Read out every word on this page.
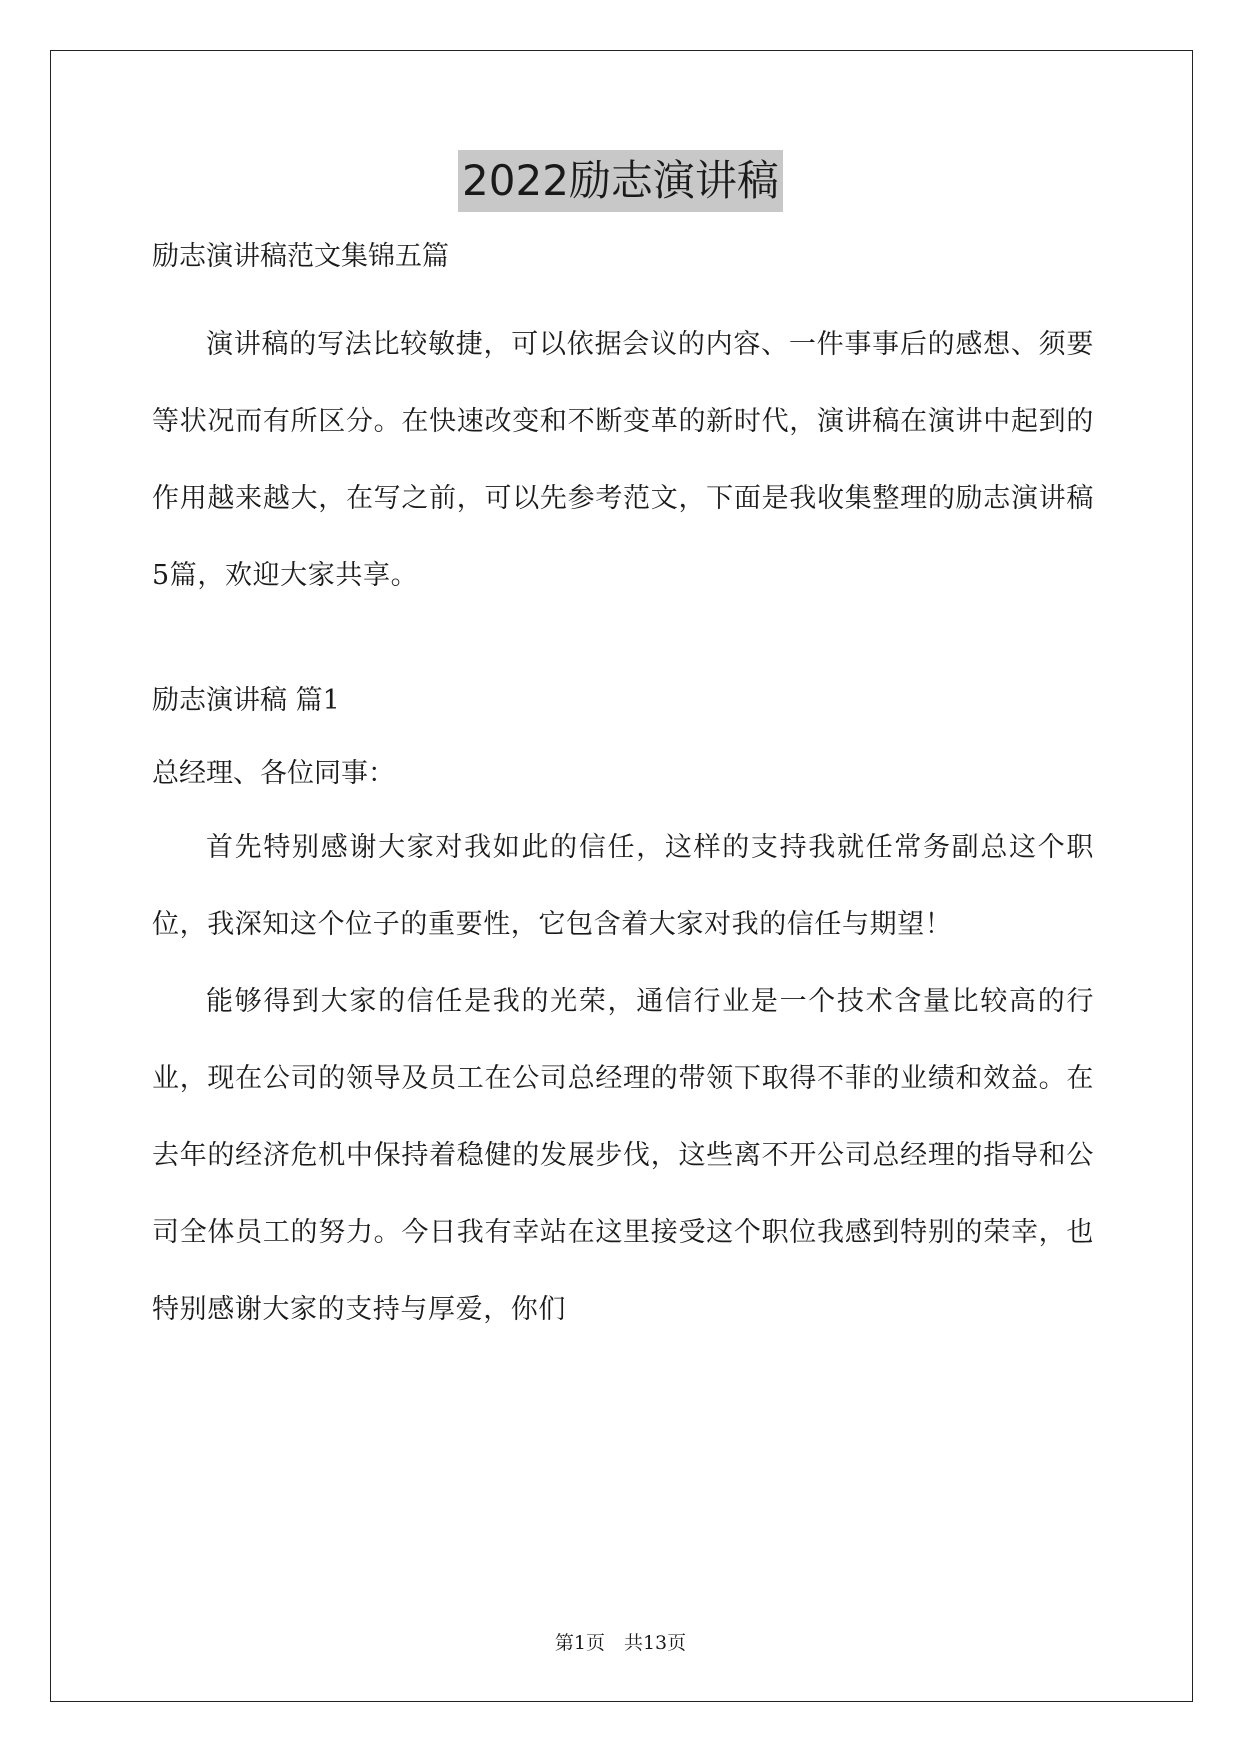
2022励志演讲稿
励志演讲稿范文集锦五篇
演讲稿的写法比较敏捷，可以依据会议的内容、一件事事后的感想、须要等状况而有所区分。在快速改变和不断变革的新时代，演讲稿在演讲中起到的作用越来越大，在写之前，可以先参考范文，下面是我收集整理的励志演讲稿5篇，欢迎大家共享。
励志演讲稿 篇1
总经理、各位同事：
首先特别感谢大家对我如此的信任，这样的支持我就任常务副总这个职位，我深知这个位子的重要性，它包含着大家对我的信任与期望！
能够得到大家的信任是我的光荣，通信行业是一个技术含量比较高的行业，现在公司的领导及员工在公司总经理的带领下取得不菲的业绩和效益。在去年的经济危机中保持着稳健的发展步伐，这些离不开公司总经理的指导和公司全体员工的努力。今日我有幸站在这里接受这个职位我感到特别的荣幸，也特别感谢大家的支持与厚爱，你们
第1页　共13页
